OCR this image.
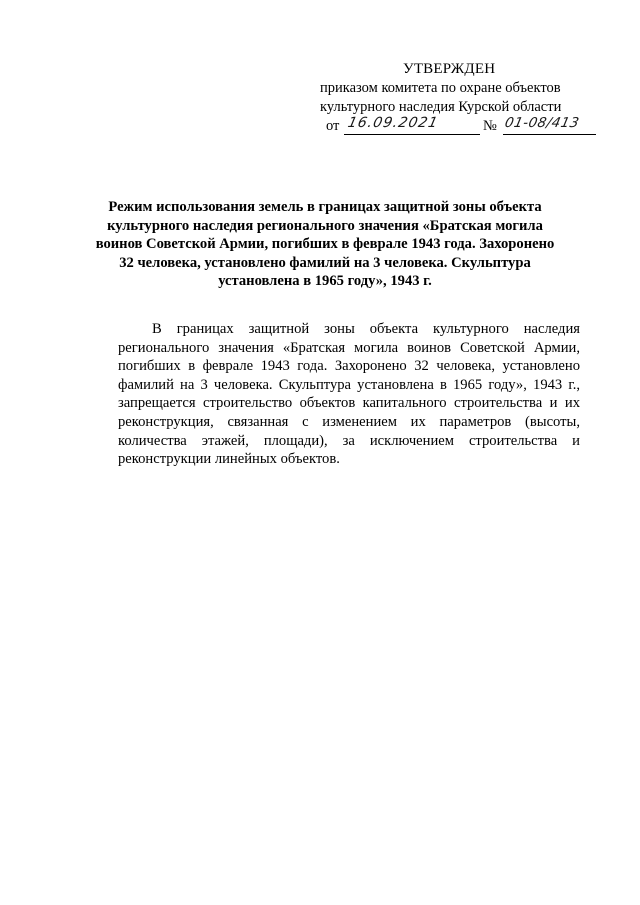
УТВЕРЖДЕН
приказом комитета по охране объектов
культурного наследия Курской области
от 16.09.2021	№ 01-08/413
Режим использования земель в границах защитной зоны объекта
культурного наследия регионального значения «Братская могила
воинов Советской Армии, погибших в феврале 1943 года. Захоронено
32 человека, установлено фамилий на 3 человека. Скульптура
установлена в 1965 году», 1943 г.
В границах защитной зоны объекта культурного наследия
регионального значения «Братская могила воинов Советской Армии,
погибших в феврале 1943 года. Захоронено 32 человека, установлено
фамилий на 3 человека. Скульптура установлена в 1965 году», 1943 г.,
запрещается строительство объектов капитального строительства и их
реконструкция, связанная с изменением их параметров (высоты,
количества этажей, площади), за исключением строительства и
реконструкции линейных объектов.
